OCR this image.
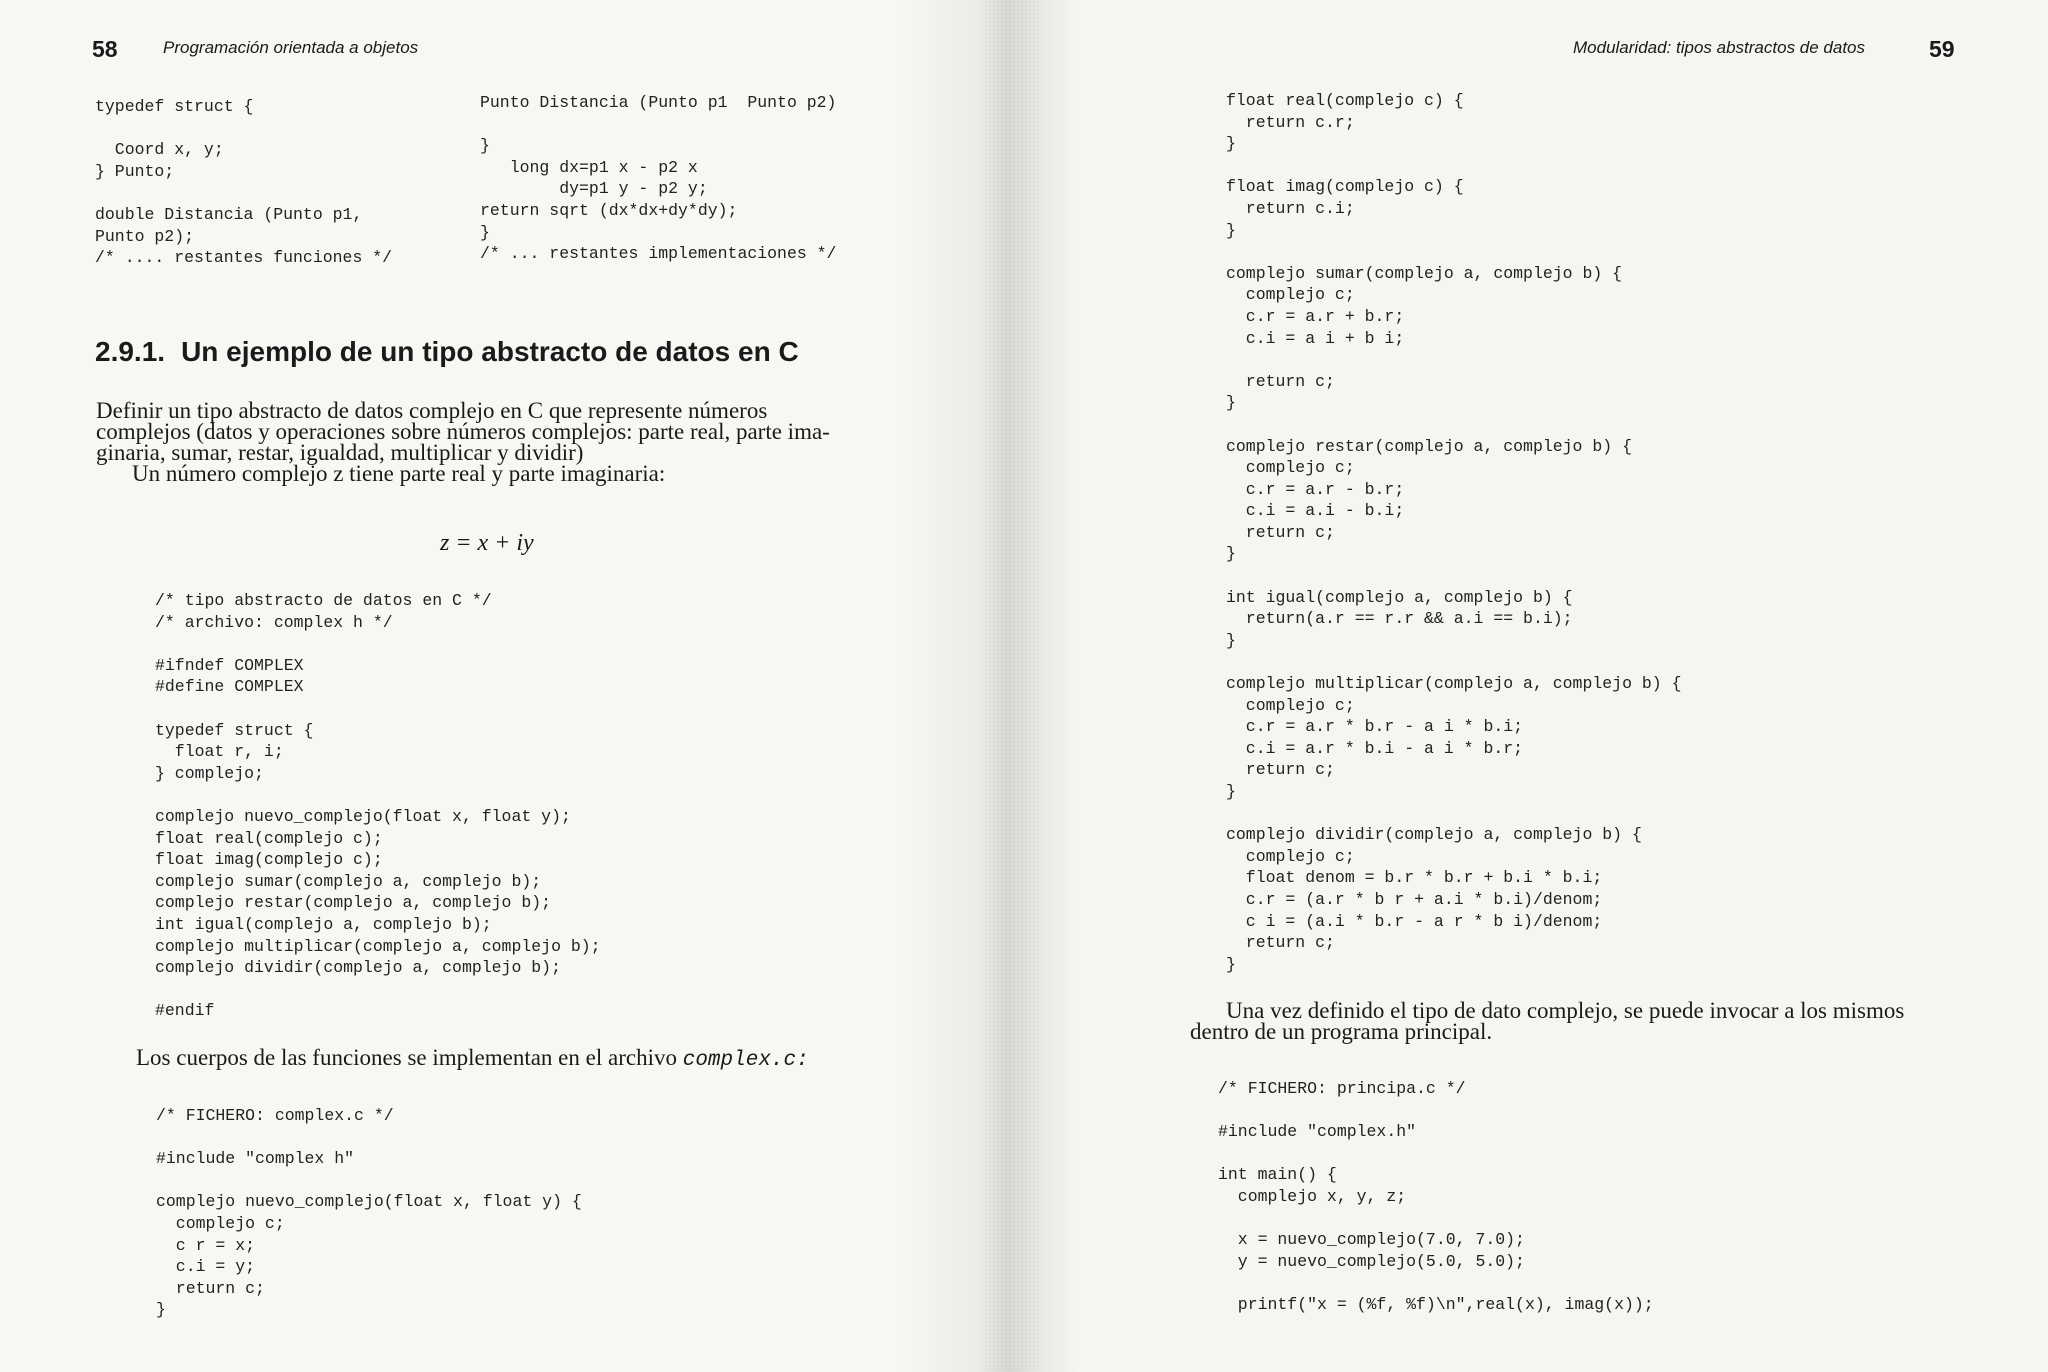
58	Programación orientada a objetos
typedef struct {

Coord x, y;
} Punto;

double Distancia (Punto p1,
Punto p2);
/* .... restantes funciones */
Punto Distancia (Punto p1  Punto p2)

}
long dx=p1 x - p2 x
dy=p1 y - p2 y;
return sqrt (dx*dx+dy*dy);
}
/* ... restantes implementaciones */
2.9.1. Un ejemplo de un tipo abstracto de datos en C
Definir un tipo abstracto de datos complejo en C que represente números
complejos (datos y operaciones sobre números complejos: parte real, parte ima-
ginaria, sumar, restar, igualdad, multiplicar y dividir)
Un número complejo z tiene parte real y parte imaginaria:
z = x + iy
/* tipo abstracto de datos en C */
/* archivo: complex h */

#ifndef COMPLEX
#define COMPLEX

typedef struct {
float r, i;
} complejo;

complejo nuevo_complejo(float x, float y);
float real(complejo c);
float imag(complejo c);
complejo sumar(complejo a, complejo b);
complejo restar(complejo a, complejo b);
int igual(complejo a, complejo b);
complejo multiplicar(complejo a, complejo b);
complejo dividir(complejo a, complejo b);

#endif
Los cuerpos de las funciones se implementan en el archivo complex.c:
/* FICHERO: complex.c */

#include "complex h"

complejo nuevo_complejo(float x, float y) {
complejo c;
c r = x;
c.i = y;
return c;
}
Modularidad: tipos abstractos de datos	59
float real(complejo c) {
return c.r;
}

float imag(complejo c) {
return c.i;
}

complejo sumar(complejo a, complejo b) {
complejo c;
c.r = a.r + b.r;
c.i = a i + b i;

return c;
}

complejo restar(complejo a, complejo b) {
complejo c;
c.r = a.r - b.r;
c.i = a.i - b.i;
return c;
}

int igual(complejo a, complejo b) {
return(a.r == r.r && a.i == b.i);
}

complejo multiplicar(complejo a, complejo b) {
complejo c;
c.r = a.r * b.r - a i * b.i;
c.i = a.r * b.i - a i * b.r;
return c;
}

complejo dividir(complejo a, complejo b) {
complejo c;
float denom = b.r * b.r + b.i * b.i;
c.r = (a.r * b r + a.i * b.i)/denom;
c i = (a.i * b.r - a r * b i)/denom;
return c;
}
Una vez definido el tipo de dato complejo, se puede invocar a los mismos
dentro de un programa principal.
/* FICHERO: principa.c */

#include "complex.h"

int main() {
complejo x, y, z;

x = nuevo_complejo(7.0, 7.0);
y = nuevo_complejo(5.0, 5.0);

printf("x = (%f, %f)\n",real(x), imag(x));
